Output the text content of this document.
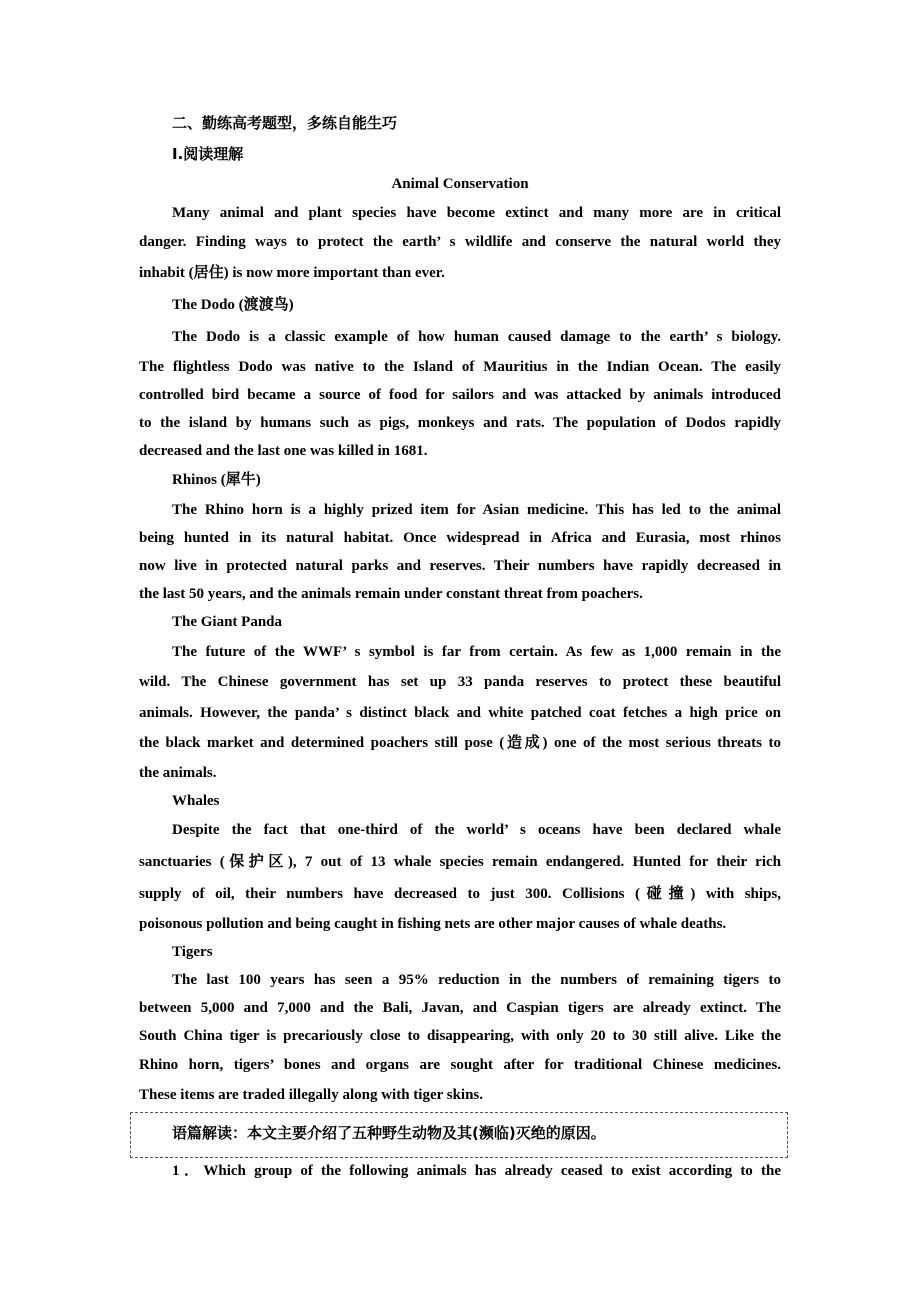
二、勤练高考题型，多练自能生巧
Ⅰ.阅读理解
Animal Conservation
Many animal and plant species have become extinct and many more are in critical
danger. Finding ways to protect the earth’ s wildlife and conserve the natural world they
inhabit (居住) is now more important than ever.
The Dodo (渡渡鸟)
The Dodo is a classic example of how human caused damage to the earth’ s biology.
The flightless Dodo was native to the Island of Mauritius in the Indian Ocean. The easily
controlled bird became a source of food for sailors and was attacked by animals introduced
to the island by humans such as pigs, monkeys and rats. The population of Dodos rapidly
decreased and the last one was killed in 1681.
Rhinos (犀牛)
The Rhino horn is a highly prized item for Asian medicine. This has led to the animal
being hunted in its natural habitat. Once widespread in Africa and Eurasia, most rhinos
now live in protected natural parks and reserves. Their numbers have rapidly decreased in
the last 50 years, and the animals remain under constant threat from poachers.
The Giant Panda
The future of the WWF’ s symbol is far from certain. As few as 1,000 remain in the
wild. The Chinese government has set up 33 panda reserves to protect these beautiful
animals. However, the panda’ s distinct black and white patched coat fetches a high price on
the black market and determined poachers still pose (造成) one of the most serious threats to
the animals.
Whales
Despite the fact that one-third of the world’ s oceans have been declared whale
sanctuaries (保护区), 7 out of 13 whale species remain endangered. Hunted for their rich
supply of oil, their numbers have decreased to just 300. Collisions (碰撞) with ships,
poisonous pollution and being caught in fishing nets are other major causes of whale deaths.
Tigers
The last 100 years has seen a 95% reduction in the numbers of remaining tigers to
between 5,000 and 7,000 and the Bali, Javan, and Caspian tigers are already extinct. The
South China tiger is precariously close to disappearing, with only 20 to 30 still alive. Like the
Rhino horn, tigers’ bones and organs are sought after for traditional Chinese medicines.
These items are traded illegally along with tiger skins.
语篇解读：本文主要介绍了五种野生动物及其(濒临)灭绝的原因。
1．Which group of the following animals has already ceased to exist according to the
